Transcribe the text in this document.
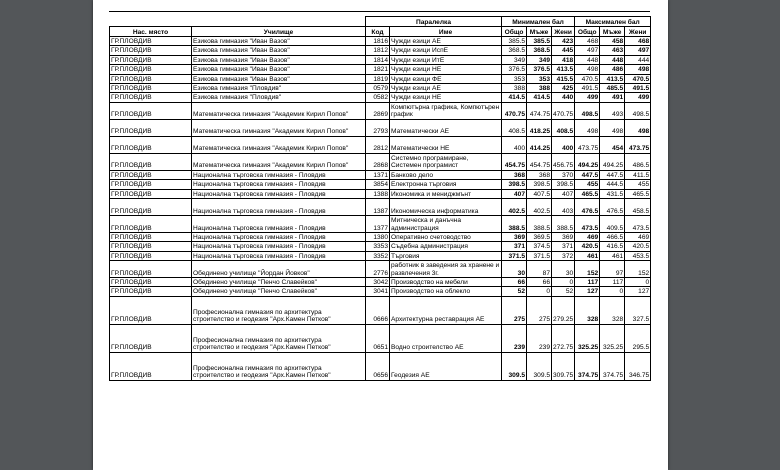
		Паралелка		Минимален бал			Максимален бал		
Нас. място	Училище	Код	Име	Общо	Мъже	Жени	Общо	Мъже	Жени
ГР.ПЛОВДИВ	Езикова гимназия "Иван Вазов"	1816	Чужди езици АЕ	385.5	385.5	423	468	458	468
ГР.ПЛОВДИВ	Езикова гимназия "Иван Вазов"	1812	Чужди езици ИспЕ	368.5	368.5	445	497	463	497
ГР.ПЛОВДИВ	Езикова гимназия "Иван Вазов"	1814	Чужди езици ИтЕ	349	349	418	448	448	444
ГР.ПЛОВДИВ	Езикова гимназия "Иван Вазов"	1821	Чужди езици НЕ	376.5	376.5	413.5	498	486	498
ГР.ПЛОВДИВ	Езикова гимназия "Иван Вазов"	1819	Чужди езици ФЕ	353	353	415.5	470.5	413.5	470.5
ГР.ПЛОВДИВ	Езикова гимназия "Пловдив"	0579	Чужди езици АЕ	388	388	425	491.5	485.5	491.5
ГР.ПЛОВДИВ	Езикова гимназия "Пловдив"	0582	Чужди езици НЕ	414.5	414.5	440	499	491	499
ГР.ПЛОВДИВ	Математическа гимназия "Академик Кирил Попов"	2869	Компютърна графика, Компютърен график	470.75	474.75	470.75	498.5	493	498.5
ГР.ПЛОВДИВ	Математическа гимназия "Академик Кирил Попов"	2793	Математически АЕ	408.5	418.25	408.5	498	498	498
ГР.ПЛОВДИВ	Математическа гимназия "Академик Кирил Попов"	2812	Математически НЕ	400	414.25	400	473.75	454	473.75
ГР.ПЛОВДИВ	Математическа гимназия "Академик Кирил Попов"	2868	Системно програмиране, Системен програмист	454.75	454.75	456.75	494.25	494.25	486.5
ГР.ПЛОВДИВ	Национална търговска гимназия - Пловдив	1371	Банково дело	368	368	370	447.5	447.5	411.5
ГР.ПЛОВДИВ	Национална търговска гимназия - Пловдив	3854	Електронна търговия	398.5	398.5	398.5	455	444.5	455
ГР.ПЛОВДИВ	Национална търговска гимназия - Пловдив	1388	Икономика и мениджмънт	407	407.5	407	465.5	431.5	465.5
ГР.ПЛОВДИВ	Национална търговска гимназия - Пловдив	1387	Икономическа информатика	402.5	402.5	403	476.5	476.5	458.5
ГР.ПЛОВДИВ	Национална търговска гимназия - Пловдив	1377	Митническа и данъчна администрация	388.5	388.5	388.5	473.5	409.5	473.5
ГР.ПЛОВДИВ	Национална търговска гимназия - Пловдив	1380	Оперативно счетоводство	369	369.5	369	469	466.5	469
ГР.ПЛОВДИВ	Национална търговска гимназия - Пловдив	3353	Съдебна администрация	371	374.5	371	420.5	416.5	420.5
ГР.ПЛОВДИВ	Национална търговска гимназия - Пловдив	3352	Търговия	371.5	371.5	372	461	461	453.5
ГР.ПЛОВДИВ	Обединено училище "Йордан Йовков"	2776	работник в заведения за хранене и развлечения 3г.	30	87	30	152	97	152
ГР.ПЛОВДИВ	Обединено училище "Пенчо Славейков"	3042	Производство на мебели	66	66	0	117	117	0
ГР.ПЛОВДИВ	Обединено училище "Пенчо Славейков"	3041	Производство на облекло	52	0	52	127	0	127
ГР.ПЛОВДИВ	Професионална гимназия по архитектура строителство и геодезия "Арх.Камен Петков"	0666	Архитектурна реставрация АЕ	275	275	279.25	328	328	327.5
ГР.ПЛОВДИВ	Професионална гимназия по архитектура строителство и геодезия "Арх.Камен Петков"	0651	Водно строителство АЕ	239	239	272.75	325.25	325.25	295.5
ГР.ПЛОВДИВ	Професионална гимназия по архитектура строителство и геодезия "Арх.Камен Петков"	0656	Геодезия АЕ	309.5	309.5	309.75	374.75	374.75	346.75
